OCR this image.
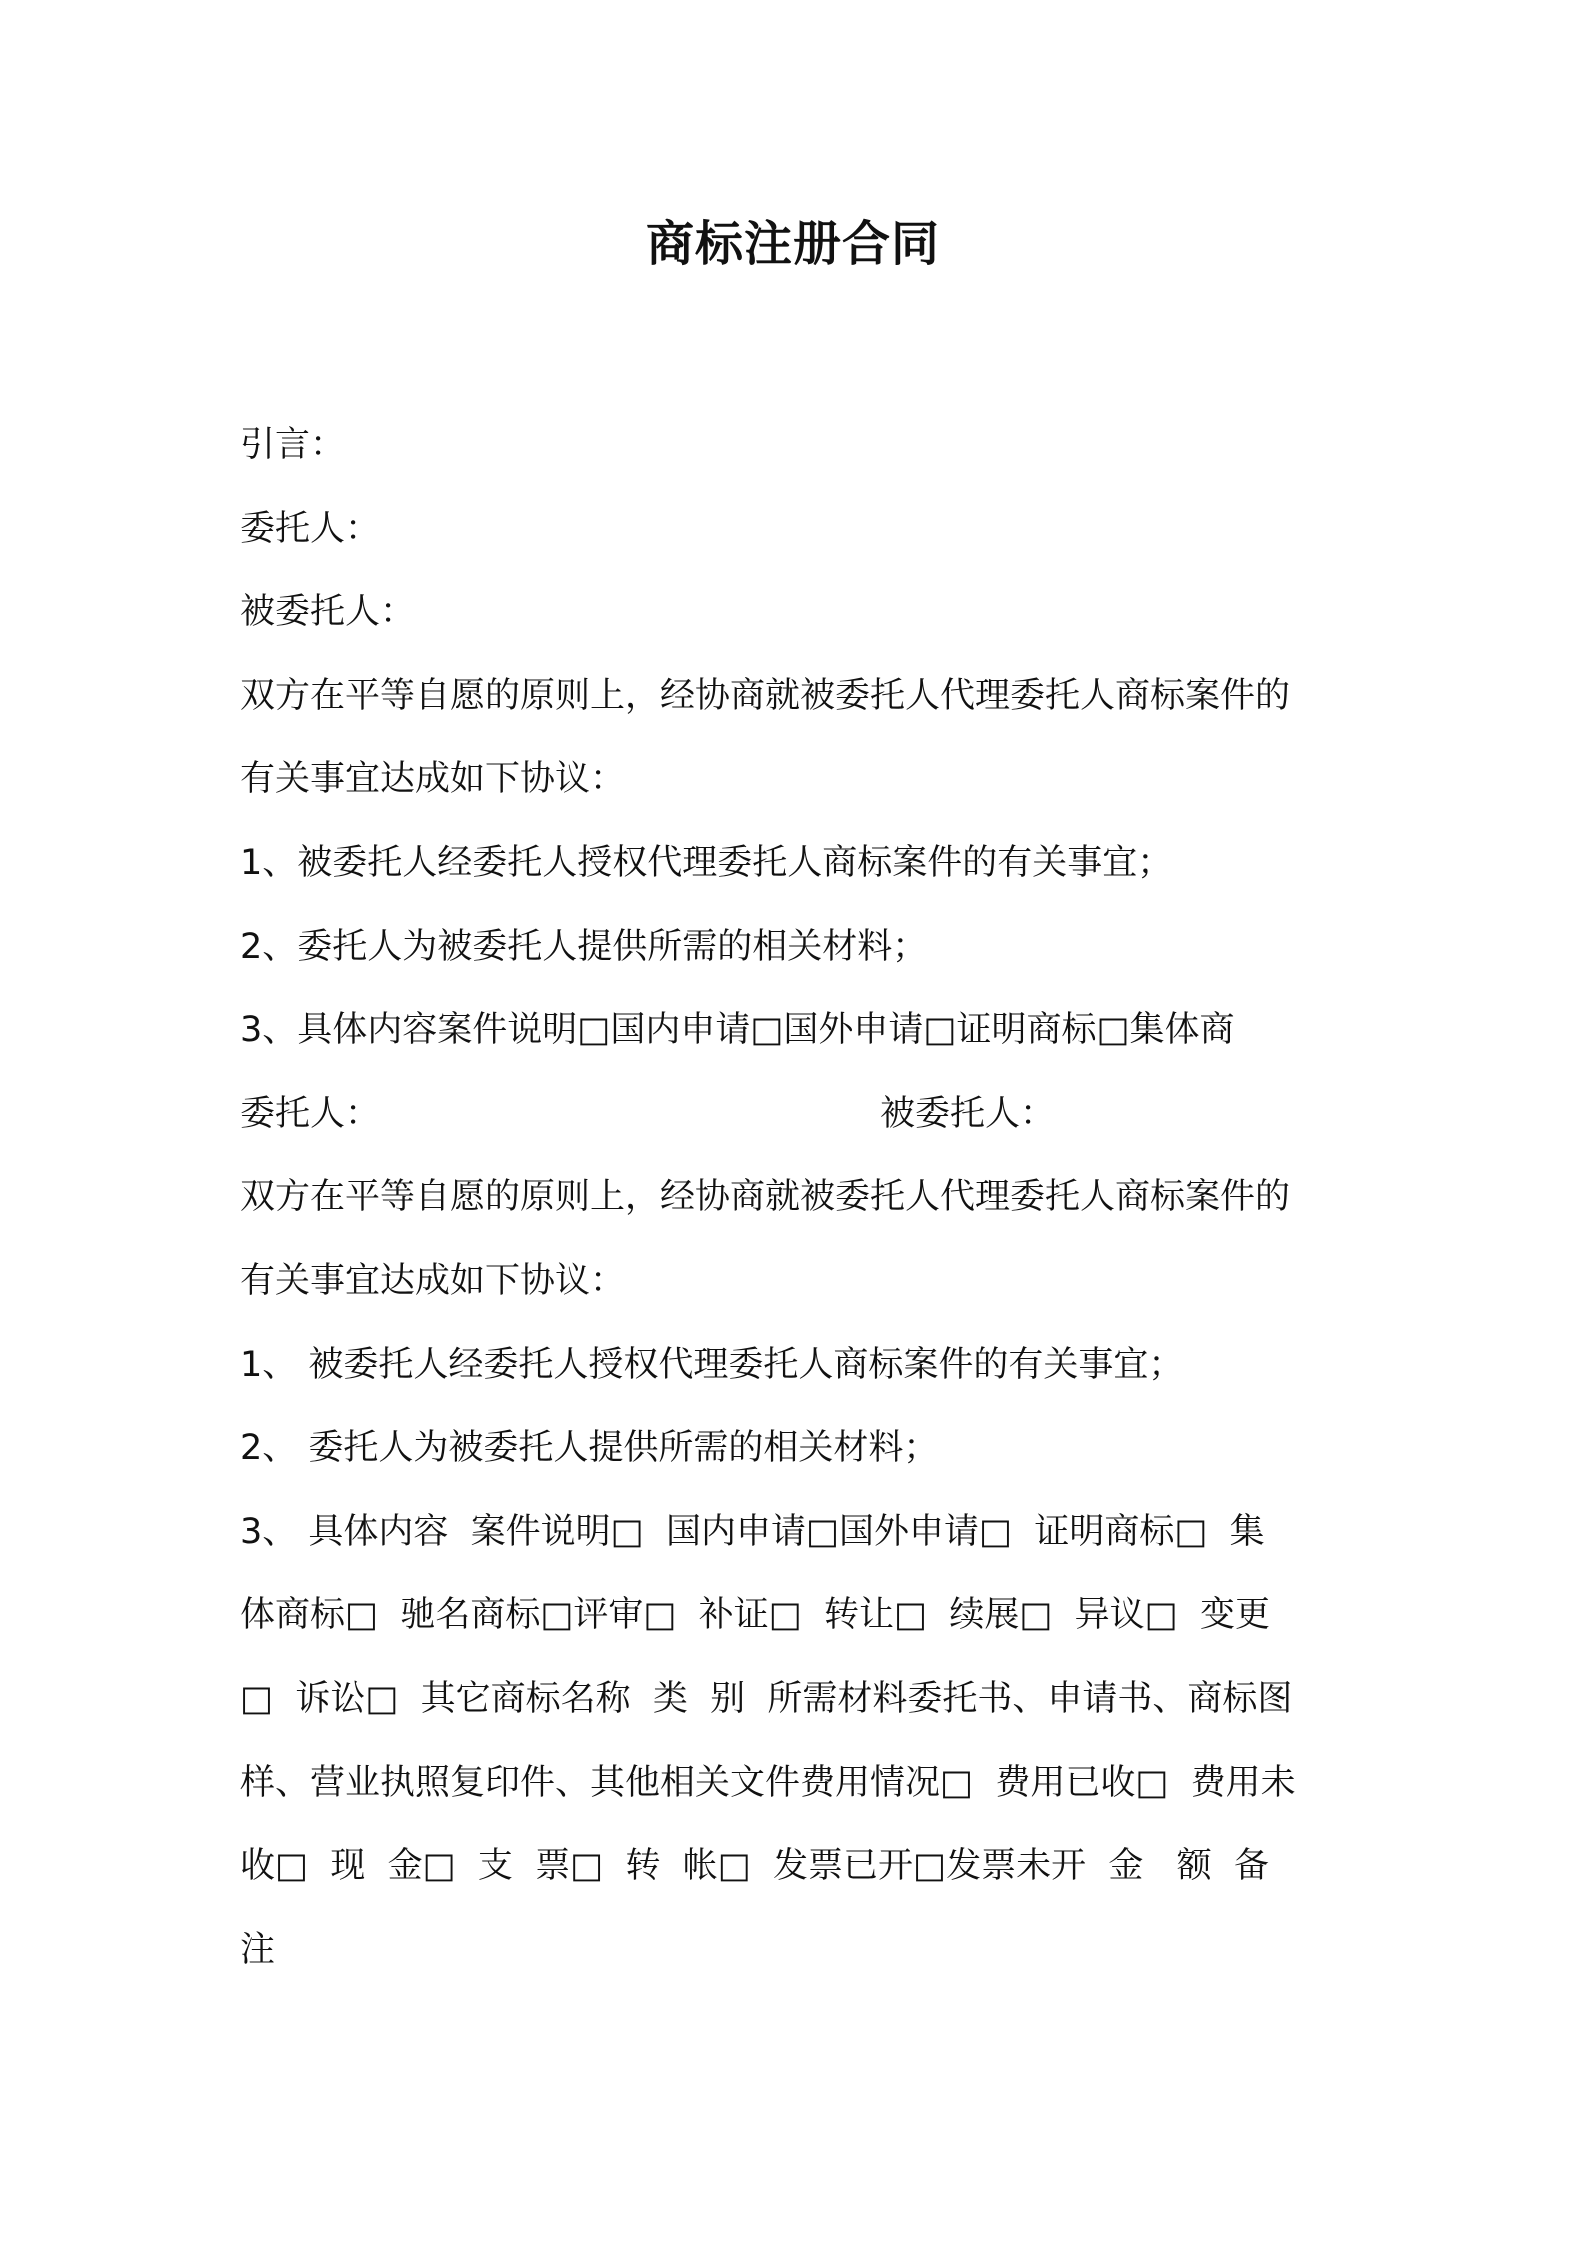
商标注册合同
引言：
委托人：
被委托人：
双方在平等自愿的原则上，经协商就被委托人代理委托人商标案件的
有关事宜达成如下协议：
1、被委托人经委托人授权代理委托人商标案件的有关事宜；
2、委托人为被委托人提供所需的相关材料；
3、具体内容案件说明□国内申请□国外申请□证明商标□集体商
委托人：	被委托人：
双方在平等自愿的原则上，经协商就被委托人代理委托人商标案件的
有关事宜达成如下协议：
1、 被委托人经委托人授权代理委托人商标案件的有关事宜；
2、 委托人为被委托人提供所需的相关材料；
3、 具体内容  案件说明□  国内申请□国外申请□  证明商标□  集
体商标□  驰名商标□评审□  补证□  转让□  续展□  异议□  变更
□  诉讼□  其它商标名称  类  别  所需材料委托书、申请书、商标图
样、营业执照复印件、其他相关文件费用情况□  费用已收□  费用未
收□  现  金□  支  票□  转  帐□  发票已开□发票未开  金   额  备
注
